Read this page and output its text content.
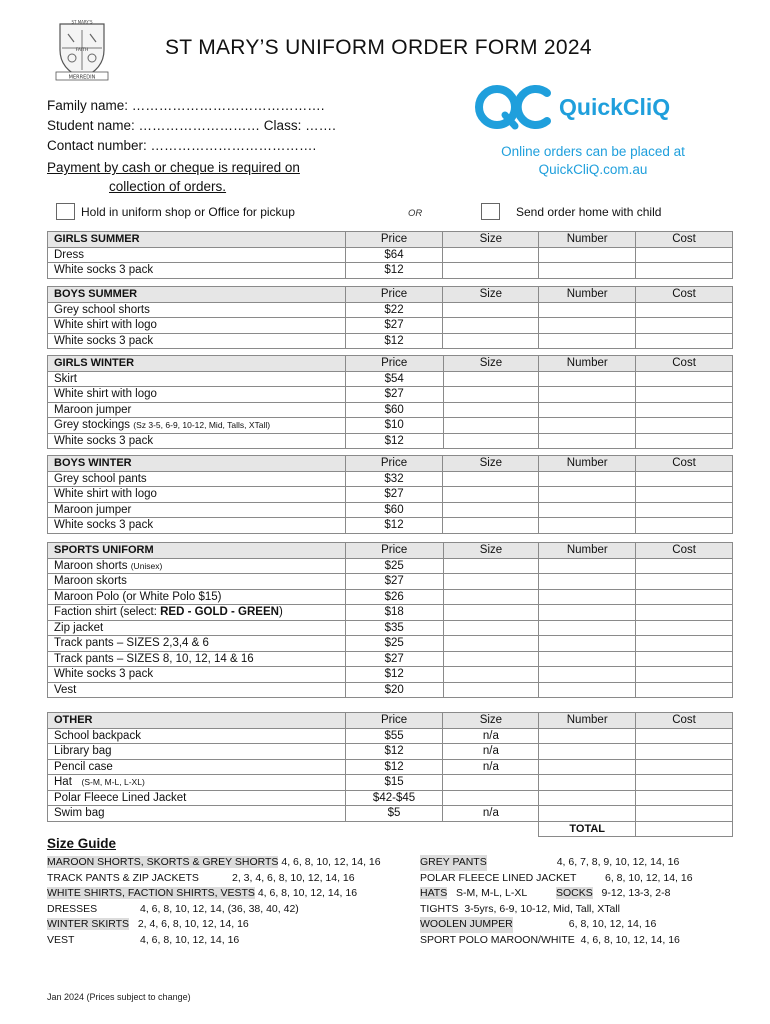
ST MARY'S
FAITH
MERREDIN
ST MARY’S UNIFORM ORDER FORM 2024
Family name: …………………………………….
Student name: ……………………… Class: …….
Contact number: ……………………………….
Payment by cash or cheque is required on
collection of orders.
QuickCliQ
Online orders can be placed at
QuickCliQ.com.au
Hold in uniform shop or Office for pickup	OR	Send order home with child
GIRLS SUMMER	Price	Size	Number	Cost
Dress	$64			
White socks 3 pack	$12			
BOYS SUMMER	Price	Size	Number	Cost
Grey school shorts	$22			
White shirt with logo	$27			
White socks 3 pack	$12			
GIRLS WINTER	Price	Size	Number	Cost
Skirt	$54			
White shirt with logo	$27			
Maroon jumper	$60			
Grey stockings (Sz 3-5, 6-9, 10-12, Mid, Talls, XTall)	$10			
White socks 3 pack	$12			
BOYS WINTER	Price	Size	Number	Cost
Grey school pants	$32			
White shirt with logo	$27			
Maroon jumper	$60			
White socks 3 pack	$12			
SPORTS UNIFORM	Price	Size	Number	Cost
Maroon shorts (Unisex)	$25			
Maroon skorts	$27			
Maroon Polo (or White Polo $15)	$26			
Faction shirt (select: RED - GOLD - GREEN)	$18			
Zip jacket	$35			
Track pants – SIZES 2,3,4 & 6	$25			
Track pants – SIZES 8, 10, 12, 14 & 16	$27			
White socks 3 pack	$12			
Vest	$20			
OTHER	Price	Size	Number	Cost
School backpack	$55	n/a		
Library bag	$12	n/a		
Pencil case	$12	n/a		
Hat (S-M, M-L, L-XL)	$15			
Polar Fleece Lined Jacket	$42-$45			
Swim bag	$5	n/a		
			TOTAL	
Size Guide
MAROON SHORTS, SKORTS & GREY SHORTS 4, 6, 8, 10, 12, 14, 16
TRACK PANTS & ZIP JACKETS	2, 3, 4, 6, 8, 10, 12, 14, 16
WHITE SHIRTS, FACTION SHIRTS, VESTS 4, 6, 8, 10, 12, 14, 16
DRESSES	4, 6, 8, 10, 12, 14, (36, 38, 40, 42)
WINTER SKIRTS 2, 4, 6, 8, 10, 12, 14, 16
VEST	4, 6, 8, 10, 12, 14, 16
GREY PANTS	4, 6, 7, 8, 9, 10, 12, 14, 16
POLAR FLEECE LINED JACKET	6, 8, 10, 12, 14, 16
HATS S-M, M-L, L-XL	SOCKS 9-12, 13-3, 2-8
TIGHTS 3-5yrs, 6-9, 10-12, Mid, Tall, XTall
WOOLEN JUMPER	6, 8, 10, 12, 14, 16
SPORT POLO MAROON/WHITE 4, 6, 8, 10, 12, 14, 16
Jan 2024 (Prices subject to change)
